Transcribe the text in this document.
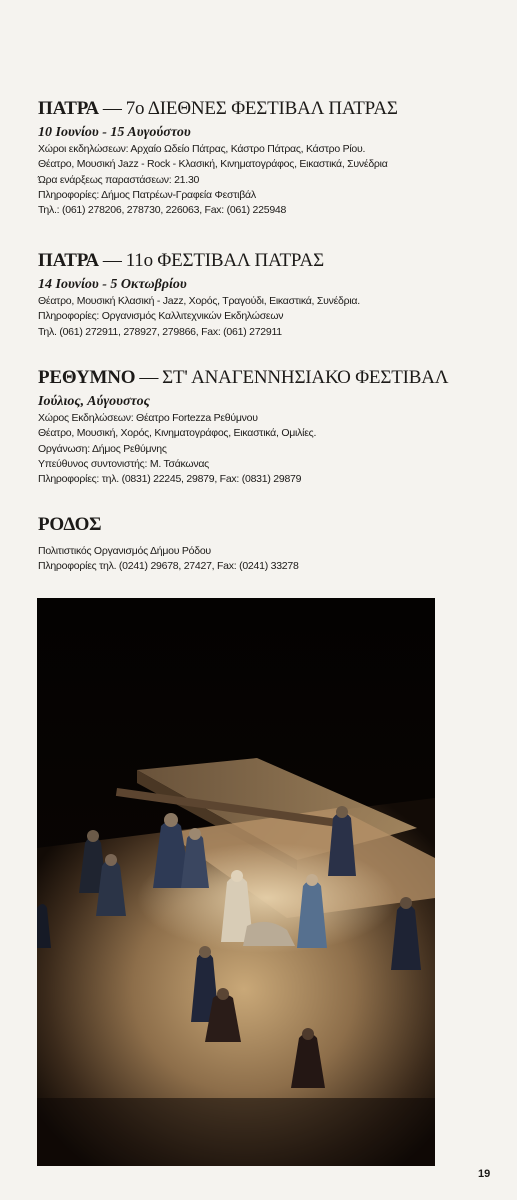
ΠΑΤΡΑ — 7ο ΔΙΕΘΝΕΣ ΦΕΣΤΙΒΑΛ ΠΑΤΡΑΣ
10 Ιουνίου - 15 Αυγούστου
Χώροι εκδηλώσεων: Αρχαίο Ωδείο Πάτρας, Κάστρο Πάτρας, Κάστρο Ρίου.
Θέατρο, Μουσική Jazz - Rock - Κλασική, Κινηματογράφος, Εικαστικά, Συνέδρια
Ώρα ενάρξεως παραστάσεων: 21.30
Πληροφορίες: Δήμος Πατρέων-Γραφεία Φεστιβάλ
Τηλ.: (061) 278206, 278730, 226063, Fax: (061) 225948
ΠΑΤΡΑ — 11ο ΦΕΣΤΙΒΑΛ ΠΑΤΡΑΣ
14 Ιουνίου - 5 Οκτωβρίου
Θέατρο, Μουσική Κλασική - Jazz, Χορός, Τραγούδι, Εικαστικά, Συνέδρια.
Πληροφορίες: Οργανισμός Καλλιτεχνικών Εκδηλώσεων
Τηλ. (061) 272911, 278927, 279866, Fax: (061) 272911
ΡΕΘΥΜΝΟ — ΣΤ' ΑΝΑΓΕΝΝΗΣΙΑΚΟ ΦΕΣΤΙΒΑΛ
Ιούλιος, Αύγουστος
Χώρος Εκδηλώσεων: Θέατρο Fortezza Ρεθύμνου
Θέατρο, Μουσική, Χορός, Κινηματογράφος, Εικαστικά, Ομιλίες.
Οργάνωση: Δήμος Ρεθύμνης
Υπεύθυνος συντονιστής: Μ. Τσάκωνας
Πληροφορίες: τηλ. (0831) 22245, 29879, Fax: (0831) 29879
ΡΟΔΟΣ
Πολιτιστικός Οργανισμός Δήμου Ρόδου
Πληροφορίες τηλ. (0241) 29678, 27427, Fax: (0241) 33278
19
